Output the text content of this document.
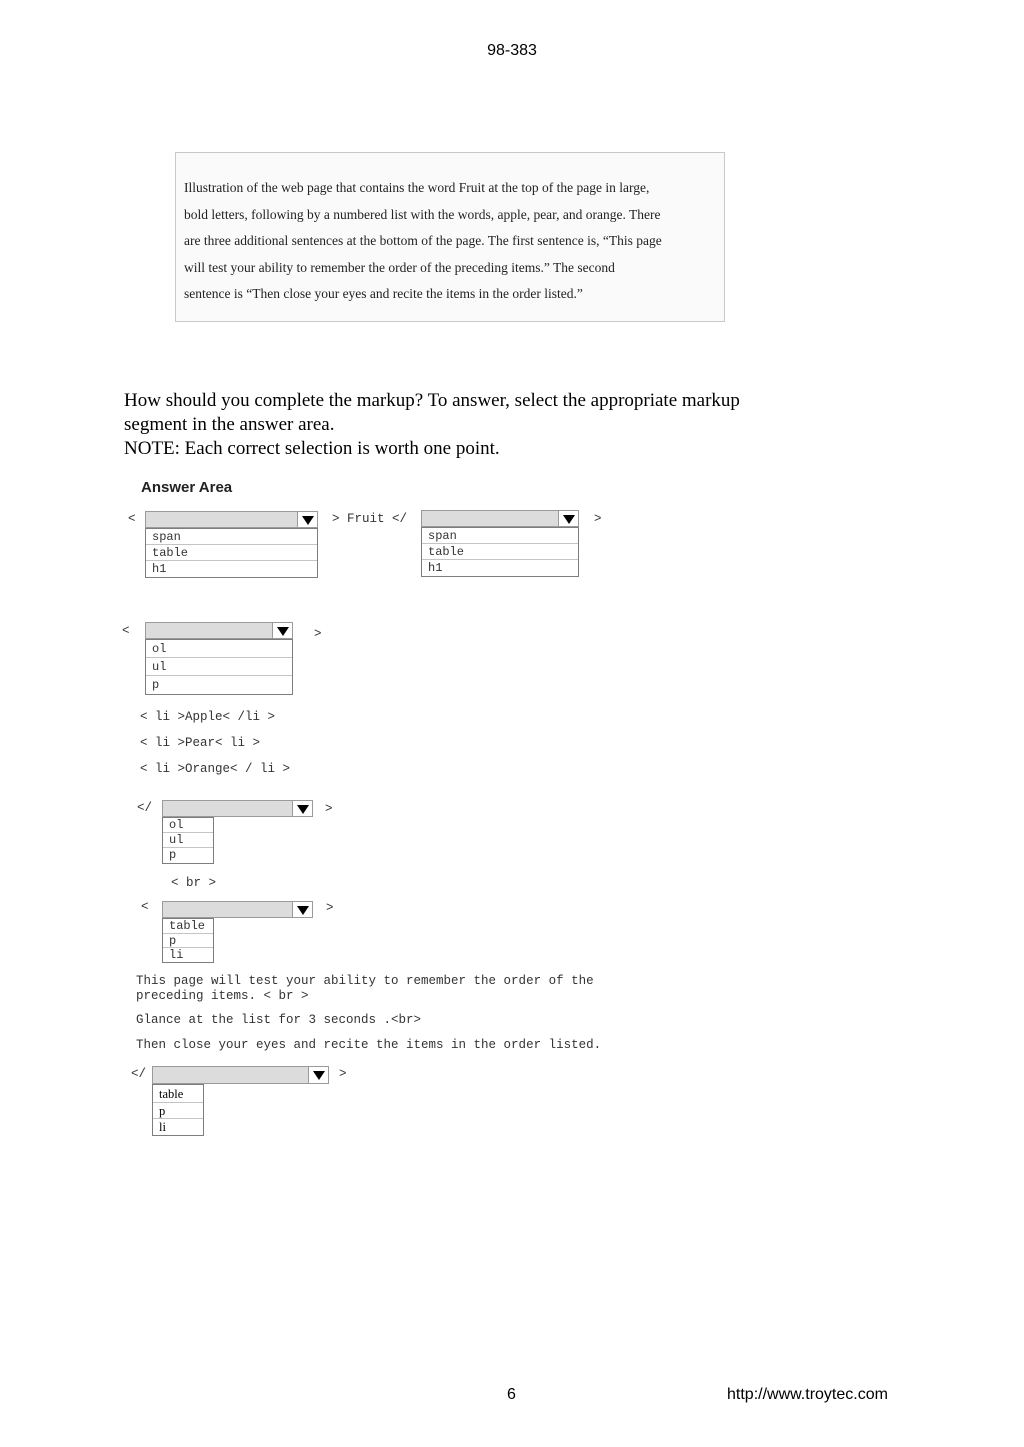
98-383
Illustration of the web page that contains the word Fruit at the top of the page in large,
bold letters, following by a numbered list with the words, apple, pear, and orange. There
are three additional sentences at the bottom of the page. The first sentence is, “This page
will test your ability to remember the order of the preceding items.” The second
sentence is “Then close your eyes and recite the items in the order listed.”
How should you complete the markup? To answer, select the appropriate markup
segment in the answer area.
NOTE: Each correct selection is worth one point.
Answer Area
<
span
table
h1
> Fruit </
span
table
h1
>
<
ol
ul
p
>
< li >Apple< /li >
< li >Pear< li >
< li >Orange< / li >
</
ol
ul
p
>
< br >
<
table
p
li
>
This page will test your ability to remember the order of the
preceding items. < br >
Glance at the list for 3 seconds .<br>
Then close your eyes and recite the items in the order listed.
</
table
p
li
>
6	http://www.troytec.com
